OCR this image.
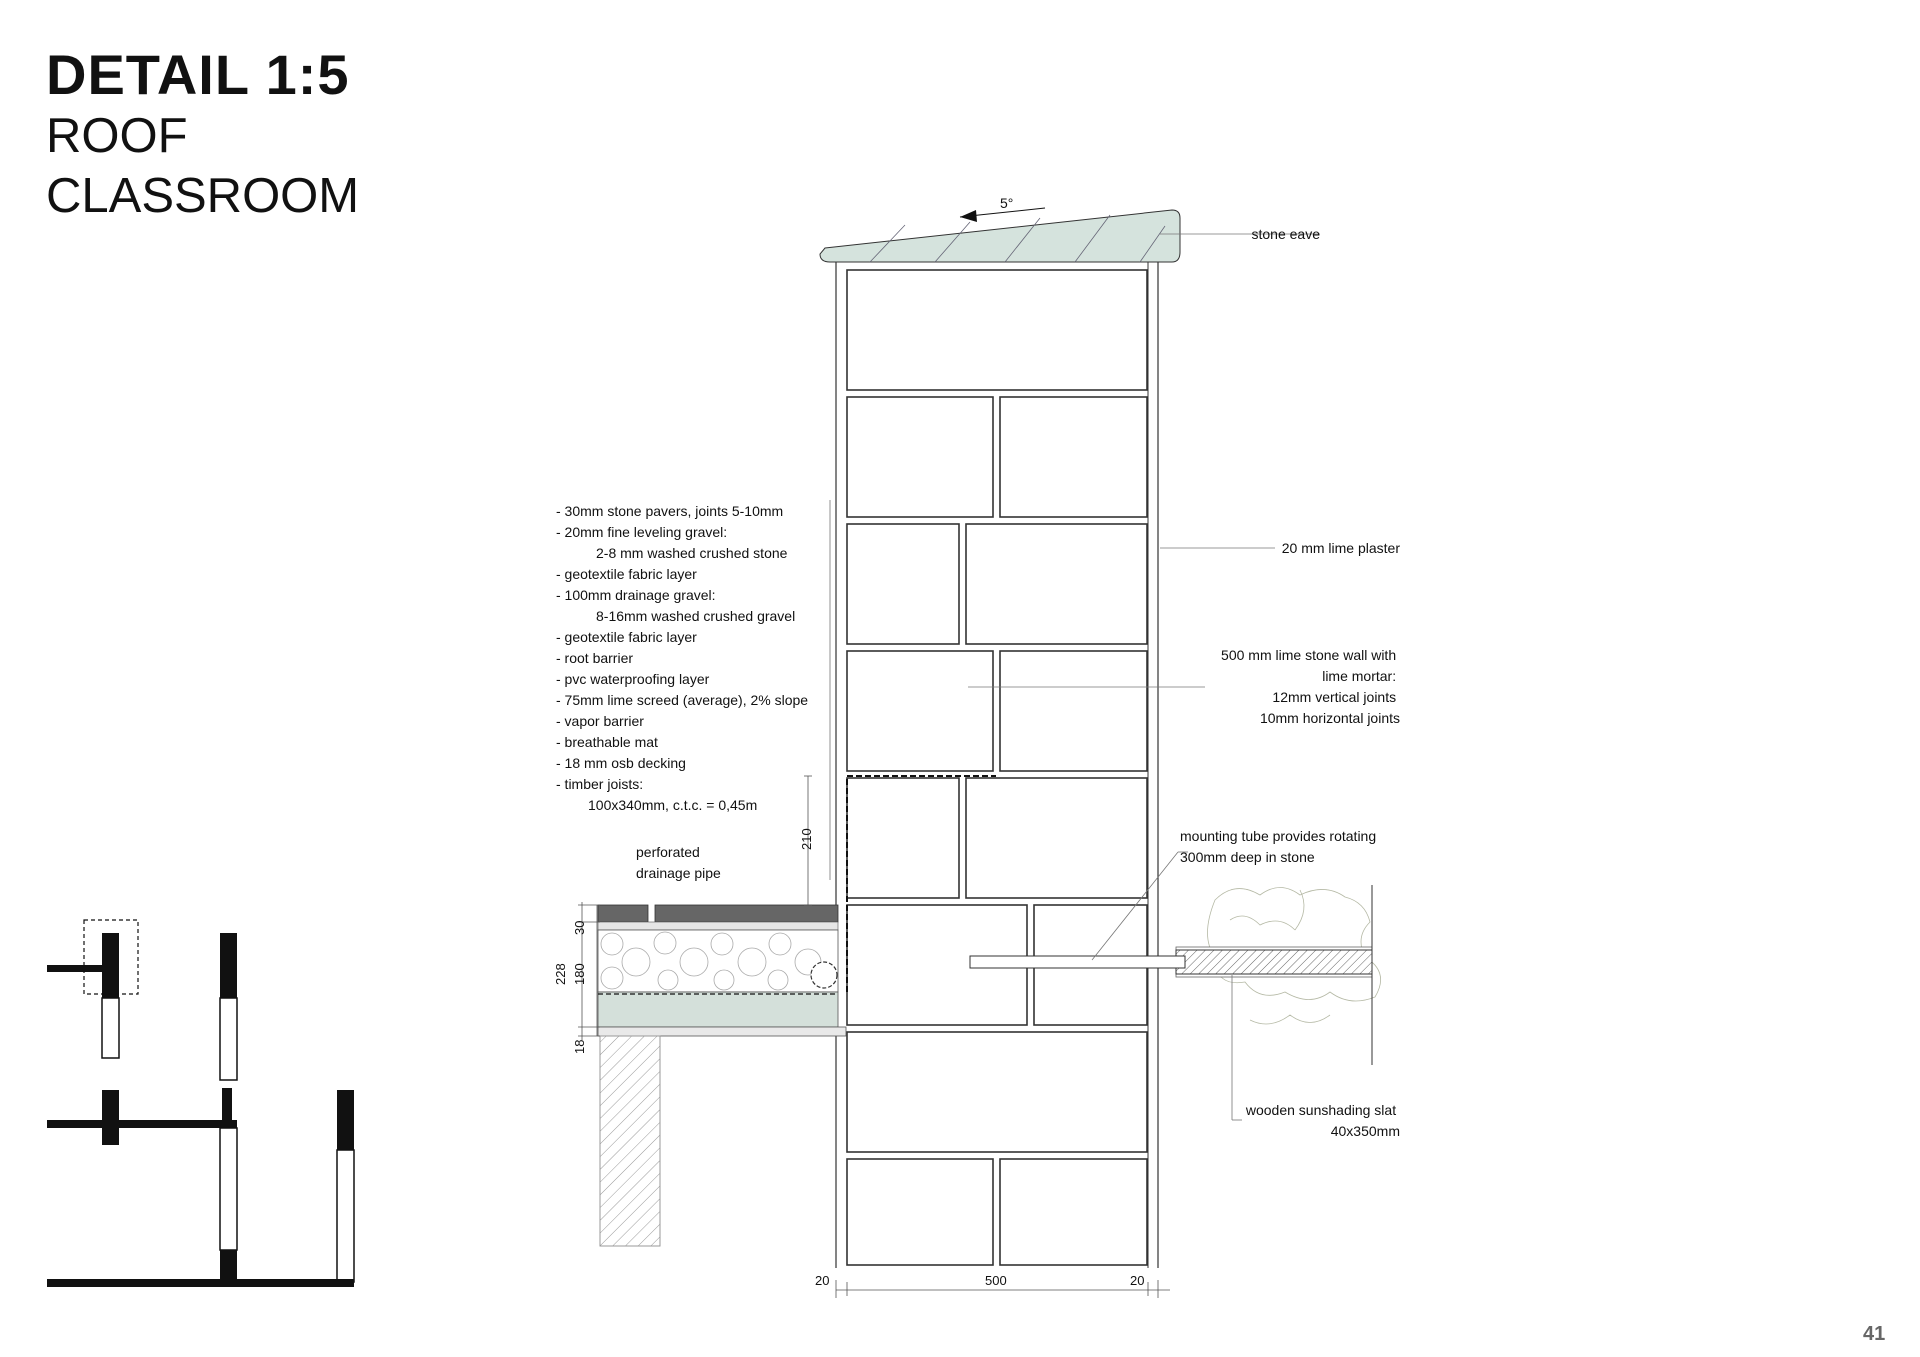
DETAIL 1:5
ROOF
CLASSROOM
41
5°
210
30
180
228
18
20	500	20
stone eave
20 mm lime plaster
500 mm lime stone wall with lime mortar: 12mm vertical joints 10mm horizontal joints
mounting tube provides rotating 300mm deep in stone
perforated drainage pipe
wooden sunshading slat 40x350mm
- 30mm stone pavers, joints 5-10mm - 20mm fine leveling gravel: 2-8 mm washed crushed stone - geotextile fabric layer - 100mm drainage gravel: 8-16mm washed crushed gravel - geotextile fabric layer - root barrier - pvc waterproofing layer - 75mm lime screed (average), 2% slope - vapor barrier - breathable mat - 18 mm osb decking - timber joists: 100x340mm, c.t.c. = 0,45m
